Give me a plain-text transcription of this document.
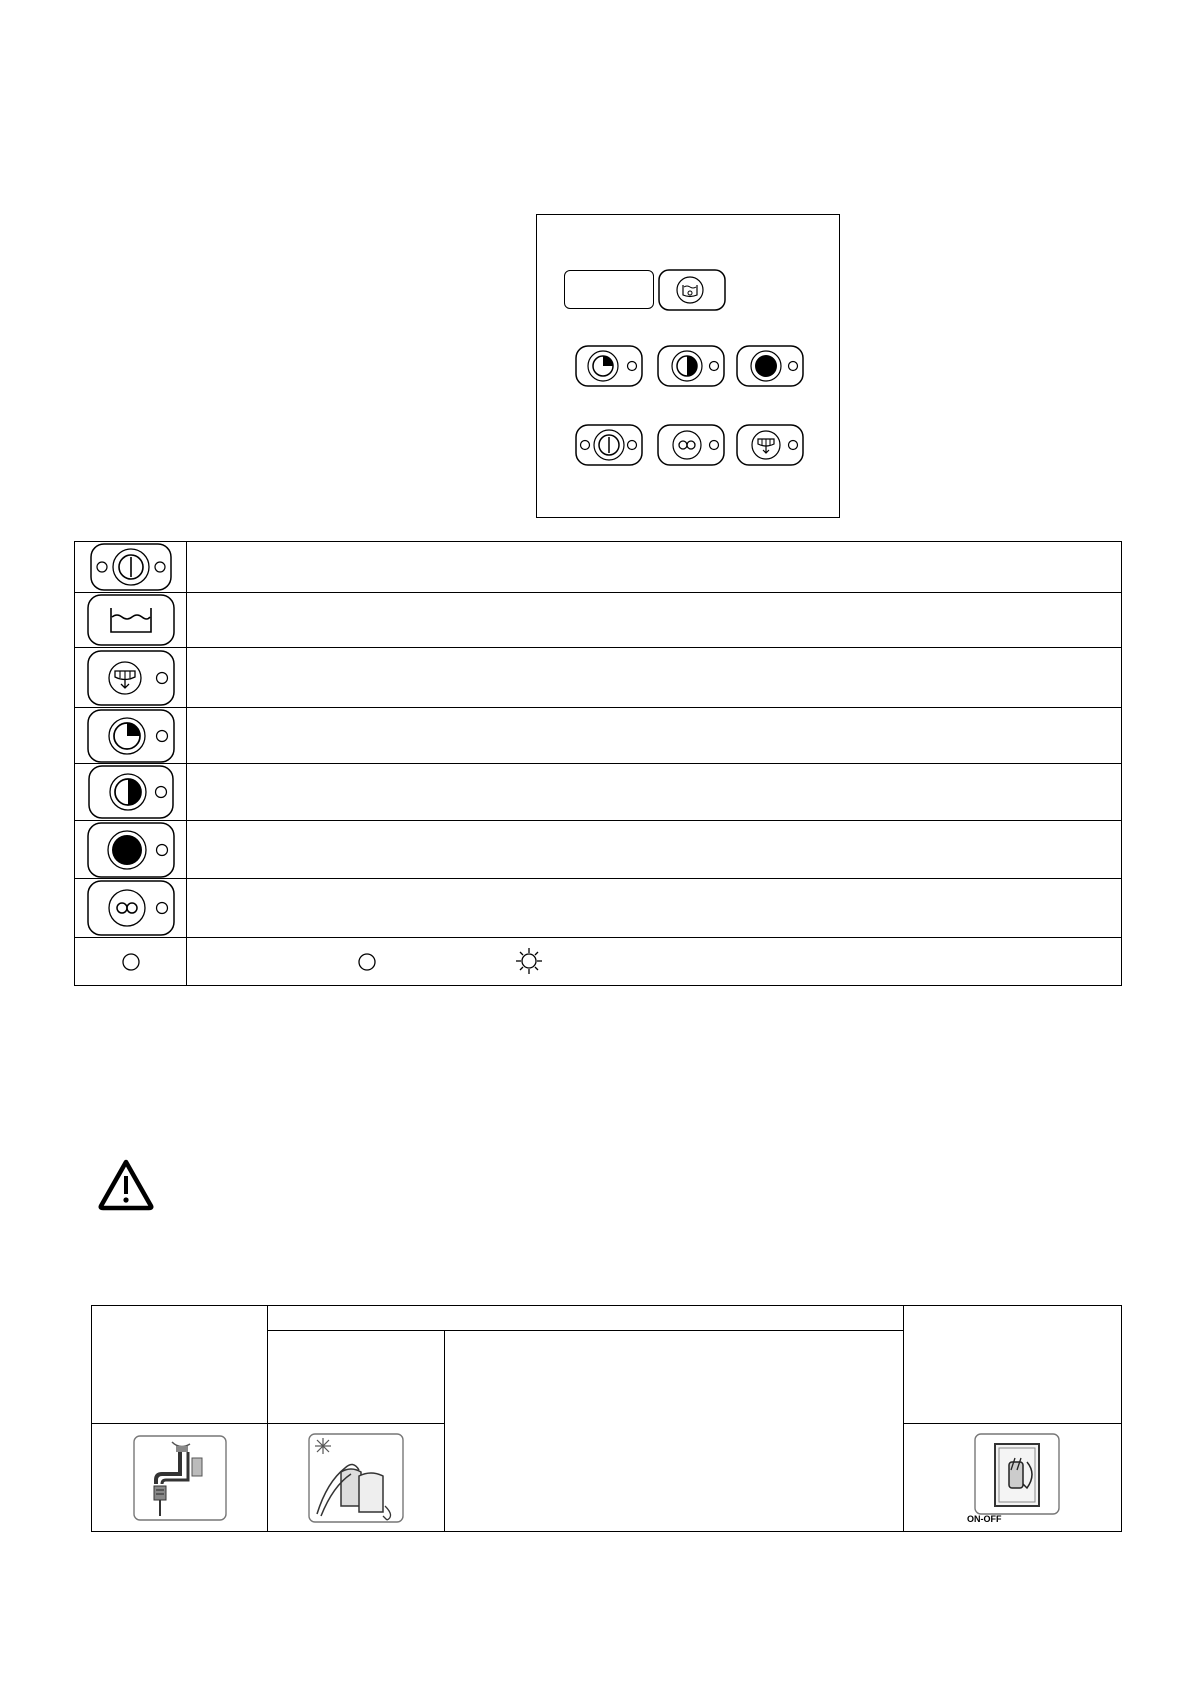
ON-OFF
